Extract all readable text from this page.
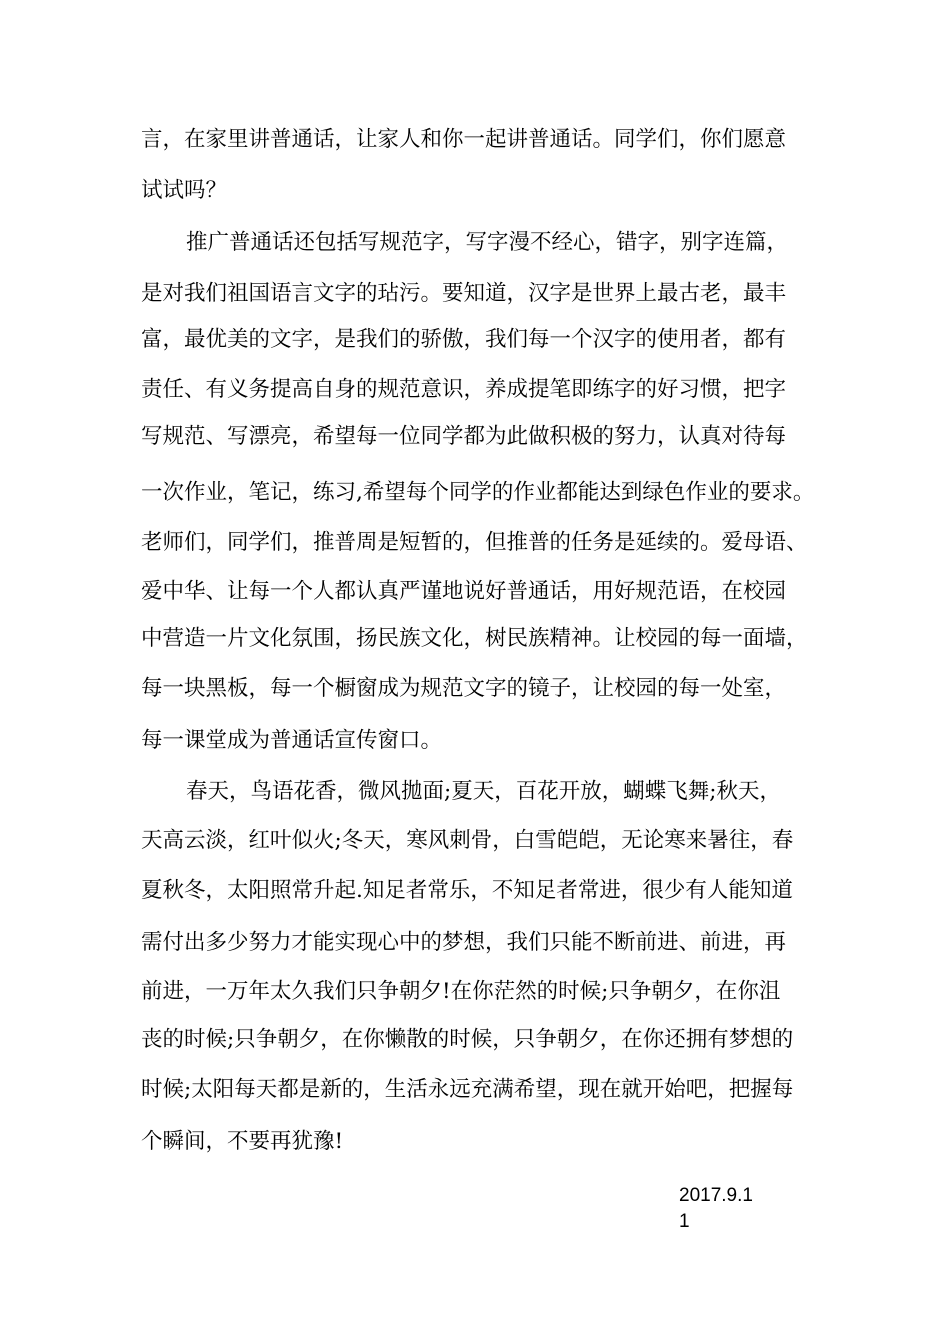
言，在家里讲普通话，让家人和你一起讲普通话。同学们，你们愿意
试试吗？
推广普通话还包括写规范字，写字漫不经心，错字，别字连篇，
是对我们祖国语言文字的玷污。要知道，汉字是世界上最古老，最丰
富，最优美的文字，是我们的骄傲，我们每一个汉字的使用者，都有
责任、有义务提高自身的规范意识，养成提笔即练字的好习惯，把字
写规范、写漂亮，希望每一位同学都为此做积极的努力，认真对待每
一次作业，笔记，练习,希望每个同学的作业都能达到绿色作业的要求。
老师们，同学们，推普周是短暂的，但推普的任务是延续的。爱母语、
爱中华、让每一个人都认真严谨地说好普通话，用好规范语，在校园
中营造一片文化氛围，扬民族文化，树民族精神。让校园的每一面墙，
每一块黑板，每一个橱窗成为规范文字的镜子，让校园的每一处室，
每一课堂成为普通话宣传窗口。
春天，鸟语花香，微风拋面;夏天，百花开放，蝴蝶飞舞;秋天，
天高云淡，红叶似火;冬天，寒风刺骨，白雪皑皑，无论寒来暑往，春
夏秋冬，太阳照常升起.知足者常乐，不知足者常进，很少有人能知道
需付出多少努力才能实现心中的梦想，我们只能不断前进、前进，再
前进，一万年太久我们只争朝夕!在你茫然的时候;只争朝夕，在你沮
丧的时候;只争朝夕，在你懒散的时候，只争朝夕，在你还拥有梦想的
时候;太阳每天都是新的，生活永远充满希望，现在就开始吧，把握每
个瞬间，不要再犹豫!
2017.9.1
1
